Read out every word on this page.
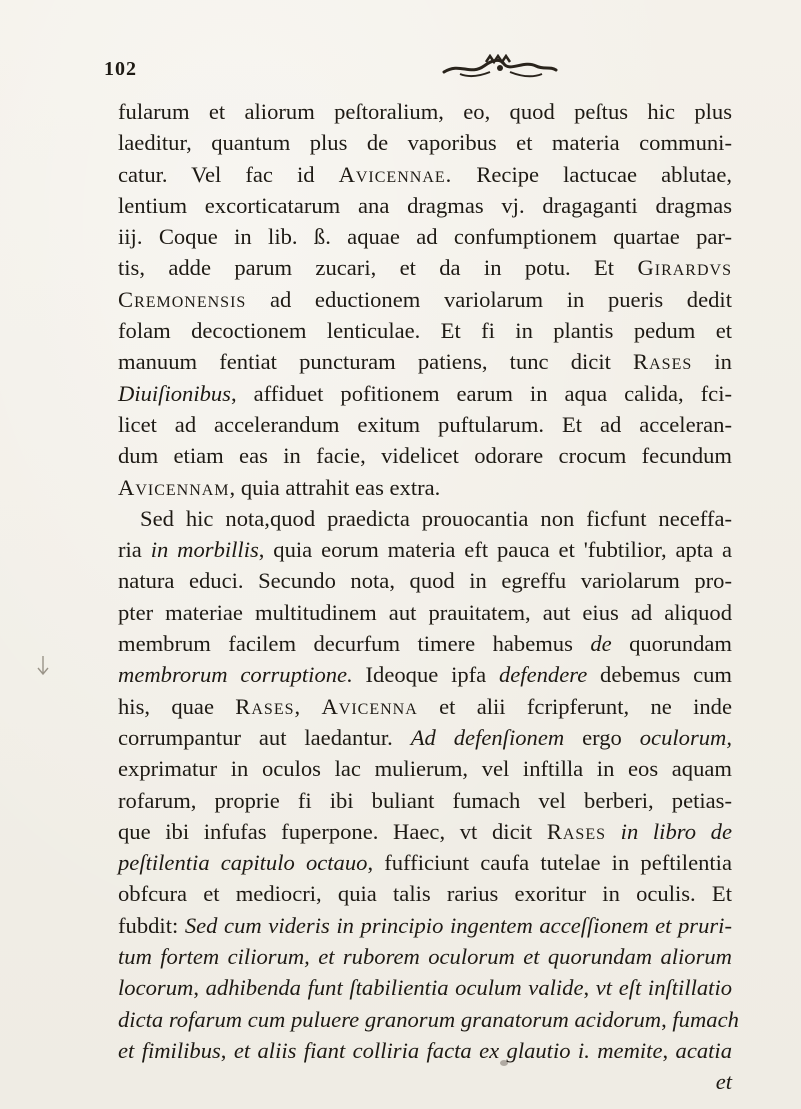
102
fularum et aliorum peſtoralium, eo, quod peſtus hic plus
laeditur, quantum plus de vaporibus et materia communi-
catur. Vel fac id Avicennae. Recipe lactucae ablutae,
lentium excorticatarum ana dragmas vj. dragaganti dragmas
iij. Coque in lib. ß. aquae ad confumptionem quartae par-
tis, adde parum zucari, et da in potu. Et Girardvs
Cremonensis ad eductionem variolarum in pueris dedit
folam decoctionem lenticulae. Et fi in plantis pedum et
manuum fentiat puncturam patiens, tunc dicit Rases in
Diuiſionibus, affiduet pofitionem earum in aqua calida, fci-
licet ad accelerandum exitum puftularum. Et ad acceleran-
dum etiam eas in facie, videlicet odorare crocum fecundum
Avicennam, quia attrahit eas extra.
Sed hic nota,quod praedicta prouocantia non ficfunt neceffa-
ria in morbillis, quia eorum materia eft pauca et 'fubtilior, apta a
natura educi. Secundo nota, quod in egreffu variolarum pro-
pter materiae multitudinem aut prauitatem, aut eius ad aliquod
membrum facilem decurfum timere habemus de quorundam
membrorum corruptione. Ideoque ipfa defendere debemus cum
his, quae Rases, Avicenna et alii fcripferunt, ne inde
corrumpantur aut laedantur. Ad defenſionem ergo oculorum,
exprimatur in oculos lac mulierum, vel inftilla in eos aquam
rofarum, proprie fi ibi buliant fumach vel berberi, petias-
que ibi infufas fuperpone. Haec, vt dicit Rases in libro de
peſtilentia capitulo octauo, fufficiunt caufa tutelae in peftilentia
obfcura et mediocri, quia talis rarius exoritur in oculis. Et
fubdit: Sed cum videris in principio ingentem acceſſionem et pruri-
tum fortem ciliorum, et ruborem oculorum et quorundam aliorum
locorum, adhibenda funt ſtabilientia oculum valide, vt eſt inſtillatio
dicta rofarum cum puluere granorum granatorum acidorum, fumach
et fimilibus, et aliis fiant colliria facta ex glautio i. memite, acatia
et
